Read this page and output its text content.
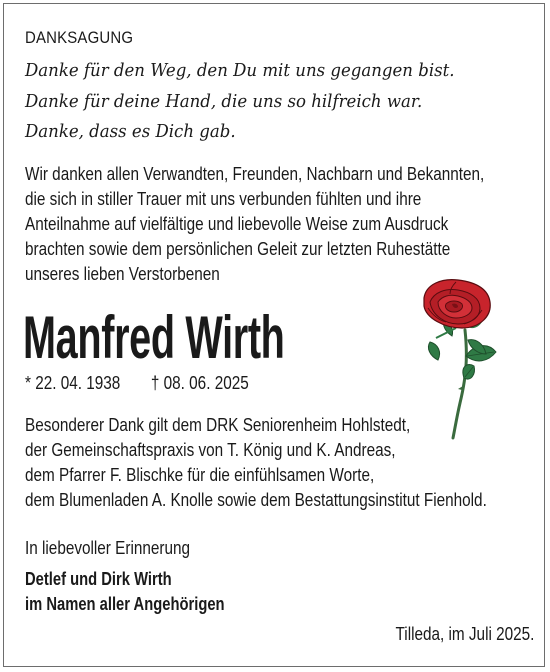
DANKSAGUNG
Danke für den Weg, den Du mit uns gegangen bist.
Danke für deine Hand, die uns so hilfreich war.
Danke, dass es Dich gab.
Wir danken allen Verwandten, Freunden, Nachbarn und Bekannten,
die sich in stiller Trauer mit uns verbunden fühlten und ihre
Anteilnahme auf vielfältige und liebevolle Weise zum Ausdruck
brachten sowie dem persönlichen Geleit zur letzten Ruhestätte
unseres lieben Verstorbenen
Manfred Wirth
* 22. 04. 1938 † 08. 06. 2025
Besonderer Dank gilt dem DRK Seniorenheim Hohlstedt,
der Gemeinschaftspraxis von T. König und K. Andreas,
dem Pfarrer F. Blischke für die einfühlsamen Worte,
dem Blumenladen A. Knolle sowie dem Bestattungsinstitut Fienhold.
In liebevoller Erinnerung
Detlef und Dirk Wirth
im Namen aller Angehörigen
Tilleda, im Juli 2025.
